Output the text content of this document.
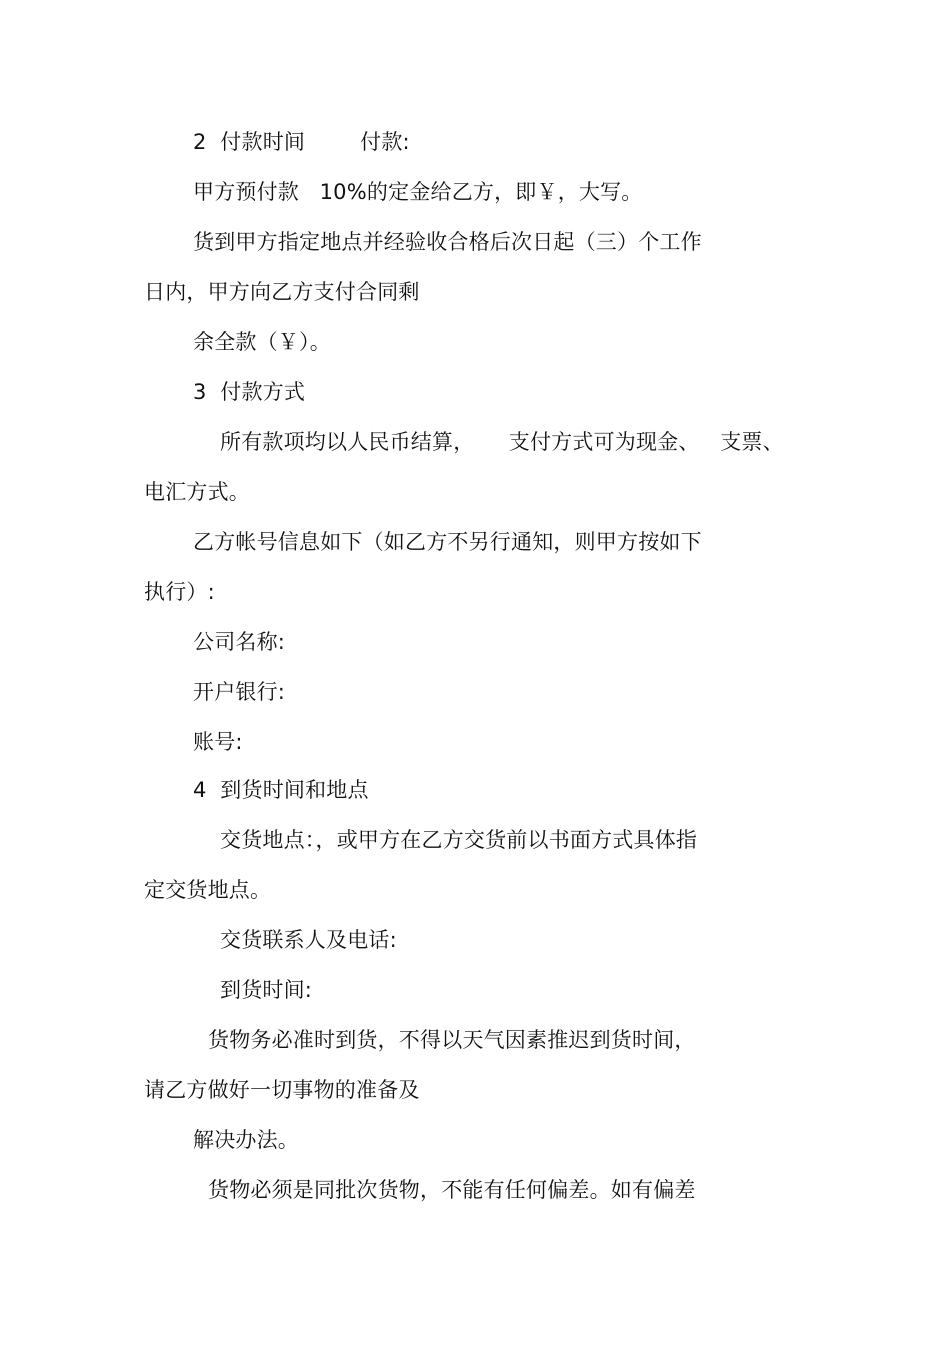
2  付款时间        付款:

甲方预付款   10%的定金给乙方，即￥，大写。

货到甲方指定地点并经验收合格后次日起（三）个工作

日内，甲方向乙方支付合同剩

余全款（￥）。

3  付款方式

所有款项均以人民币结算，     支付方式可为现金、   支票、

电汇方式。

乙方帐号信息如下（如乙方不另行通知，则甲方按如下

执行）:

公司名称:

开户银行:

账号:

4  到货时间和地点

交货地点：，或甲方在乙方交货前以书面方式具体指

定交货地点。

交货联系人及电话:

到货时间:

货物务必准时到货，不得以天气因素推迟到货时间，

请乙方做好一切事物的准备及

解决办法。

货物必须是同批次货物，不能有任何偏差。如有偏差
